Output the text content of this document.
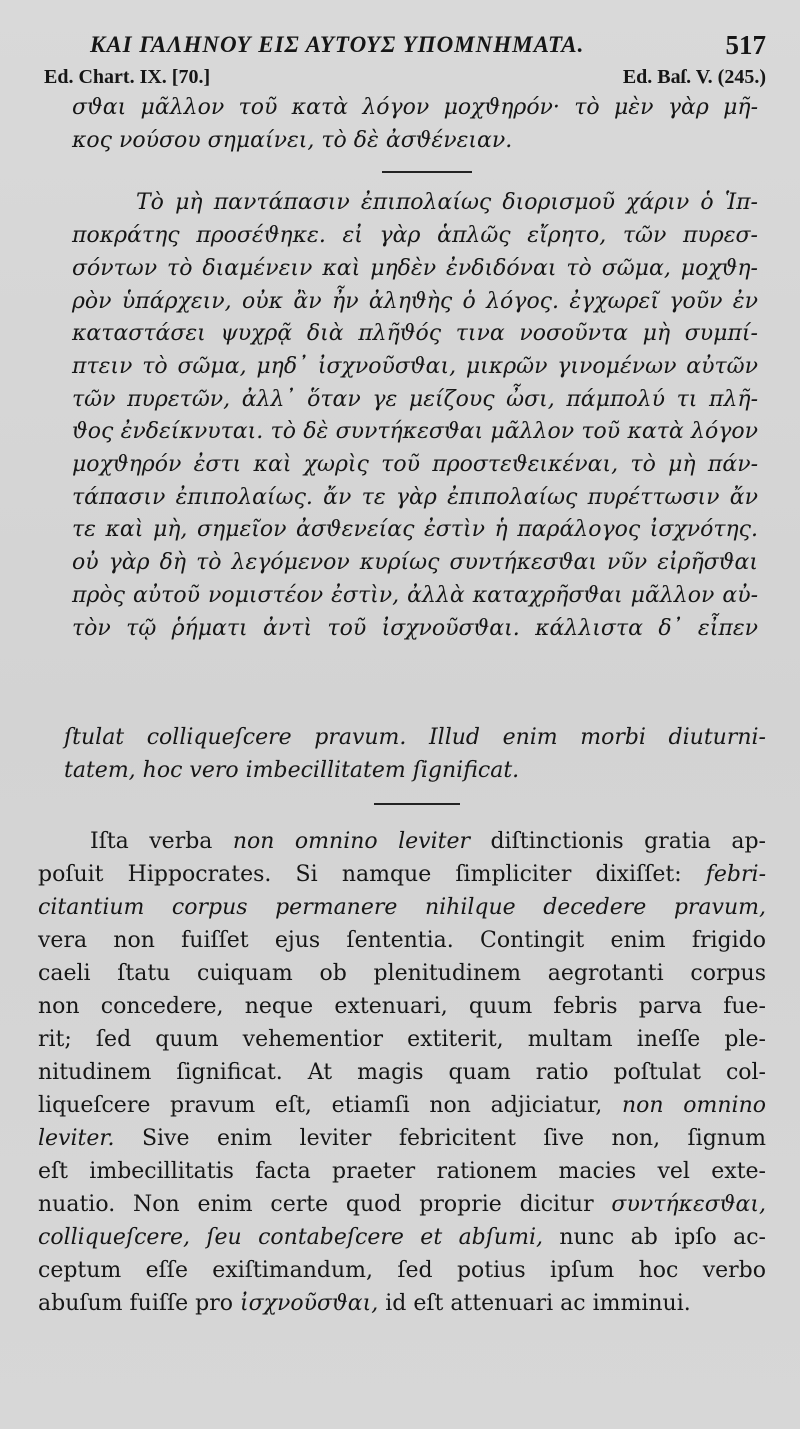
ΚΑΙ ΓΑΛΗΝΟΥ ΕΙΣ ΑΥΤΟΥΣ ΥΠΟΜΝΗΜΑΤΑ.	517
Ed. Chart. IX. [70.]	Ed. Baſ. V. (245.)

σϑαι μᾶλλον τοῦ κατὰ λόγον μοχϑηρόν· τὸ μὲν γὰρ μῆ-

κος νούσου σημαίνει, τὸ δὲ ἀσϑένειαν.

Τὸ μὴ παντάπασιν ἐπιπολαίως διορισμοῦ χάριν ὁ Ἱπ-

ποκράτης προσέϑηκε. εἰ γὰρ ἁπλῶς εἴρητο, τῶν πυρεσ-

σόντων τὸ διαμένειν καὶ μηδὲν ἐνδιδόναι τὸ σῶμα, μοχϑη-

ρὸν ὑπάρχειν, οὐκ ἂν ἦν ἀληϑὴς ὁ λόγος. ἐγχωρεῖ γοῦν ἐν

καταστάσει ψυχρᾷ διὰ πλῆϑός τινα νοσοῦντα μὴ συμπί-

πτειν τὸ σῶμα, μηδ᾽ ἰσχνοῦσϑαι, μικρῶν γινομένων αὐτῶν

τῶν πυρετῶν, ἀλλ᾽ ὅταν γε μείζους ὦσι, πάμπολύ τι πλῆ-

ϑος ἐνδείκνυται. τὸ δὲ συντήκεσϑαι μᾶλλον τοῦ κατὰ λόγον

μοχϑηρόν ἐστι καὶ χωρὶς τοῦ προστεϑεικέναι, τὸ μὴ πάν-

τάπασιν ἐπιπολαίως. ἄν τε γὰρ ἐπιπολαίως πυρέττωσιν ἄν

τε καὶ μὴ, σημεῖον ἀσϑενείας ἐστὶν ἡ παράλογος ἰσχνότης.

οὐ γὰρ δὴ τὸ λεγόμενον κυρίως συντήκεσϑαι νῦν εἰρῆσϑαι

πρὸς αὐτοῦ νομιστέον ἐστὶν, ἀλλὰ καταχρῆσϑαι μᾶλλον αὐ-

τὸν τῷ ῥήματι ἀντὶ τοῦ ἰσχνοῦσϑαι. κάλλιστα δ᾽ εἶπεν

ſtulat colliqueſcere pravum. Illud enim morbi diuturni-

tatem, hoc vero imbecillitatem ſignificat.

Iſta verba non omnino leviter diſtinctionis gratia ap-

poſuit Hippocrates. Si namque ſimpliciter dixiſſet: febri-

citantium corpus permanere nihilque decedere pravum,

vera non fuiſſet ejus ſententia. Contingit enim frigido

caeli ſtatu cuiquam ob plenitudinem aegrotanti corpus

non concedere, neque extenuari, quum febris parva fue-

rit; ſed quum vehementior extiterit, multam ineſſe ple-

nitudinem ſignificat. At magis quam ratio poſtulat col-

liqueſcere pravum eſt, etiamſi non adjiciatur, non omnino

leviter. Sive enim leviter febricitent ſive non, ſignum

eſt imbecillitatis facta praeter rationem macies vel exte-

nuatio. Non enim certe quod proprie dicitur συντήκεσϑαι,

colliqueſcere, ſeu contabeſcere et abſumi, nunc ab ipſo ac-

ceptum eſſe exiſtimandum, ſed potius ipſum hoc verbo

abuſum fuiſſe pro ἰσχνοῦσϑαι, id eſt attenuari ac imminui.
